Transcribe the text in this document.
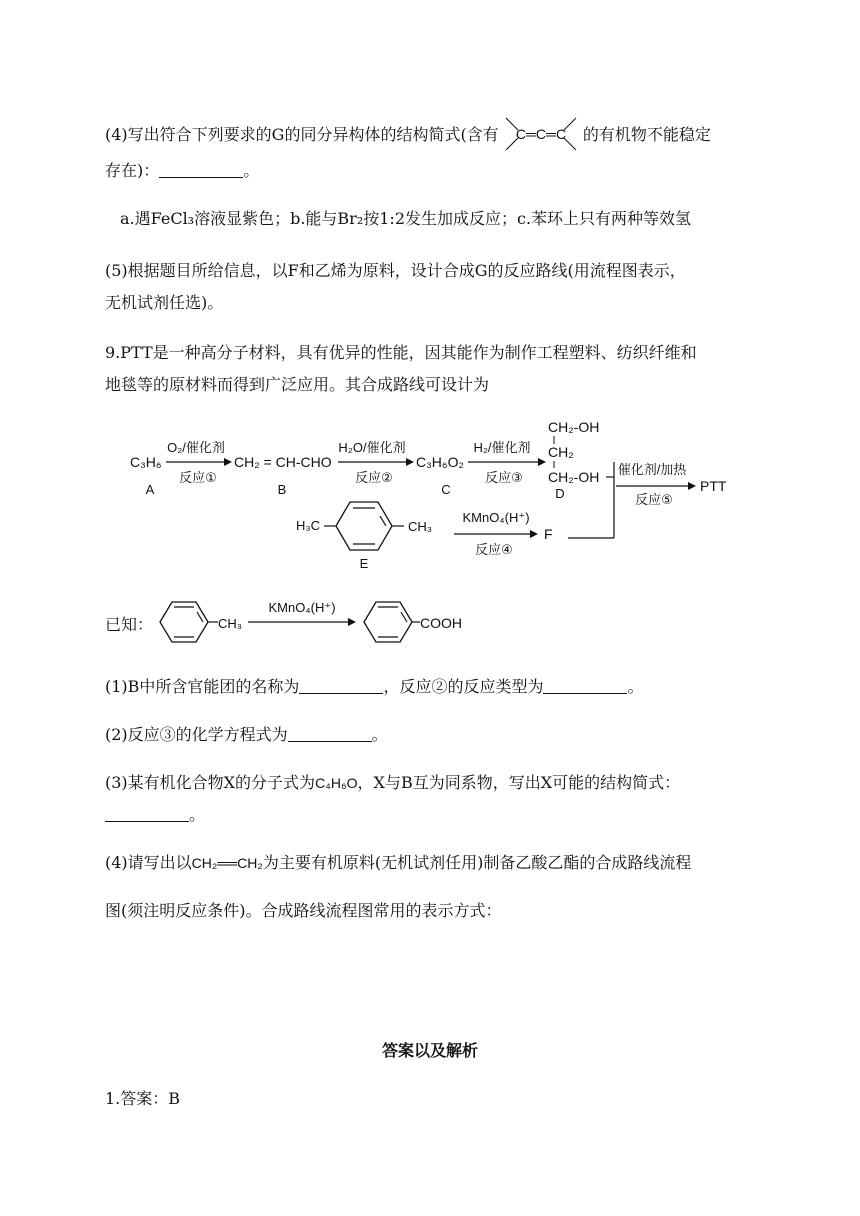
(4)写出符合下列要求的G的同分异构体的结构简式(含有 C═C═C 的有机物不能稳定
存在)：	。
a.遇FeCl₃溶液显紫色；b.能与Br₂按1:2发生加成反应；c.苯环上只有两种等效氢
(5)根据题目所给信息，以F和乙烯为原料，设计合成G的反应路线(用流程图表示，
无机试剂任选)。
9.PTT是一种高分子材料，具有优异的性能，因其能作为制作工程塑料、纺织纤维和
地毯等的原材料而得到广泛应用。其合成路线可设计为
C₃H₆
A
O₂/催化剂
反应①
CH₂ = CH-CHO
B
H₂O/催化剂
反应②
C₃H₆O₂
C
H₂/催化剂
反应③
CH₂-OH
CH₂
CH₂-OH
D
催化剂/加热
反应⑤
PTT
H₃C	CH₃
E
KMnO₄(H⁺)
反应④
F
已知：	CH₃
KMnO₄(H⁺)
COOH
(1)B中所含官能团的名称为	，反应②的反应类型为	。
(2)反应③的化学方程式为	。
(3)某有机化合物X的分子式为C₄H₆O，X与B互为同系物，写出X可能的结构简式：
。
(4)请写出以CH₂══CH₂为主要有机原料(无机试剂任用)制备乙酸乙酯的合成路线流程
图(须注明反应条件)。合成路线流程图常用的表示方式：
答案以及解析
1.答案：B
